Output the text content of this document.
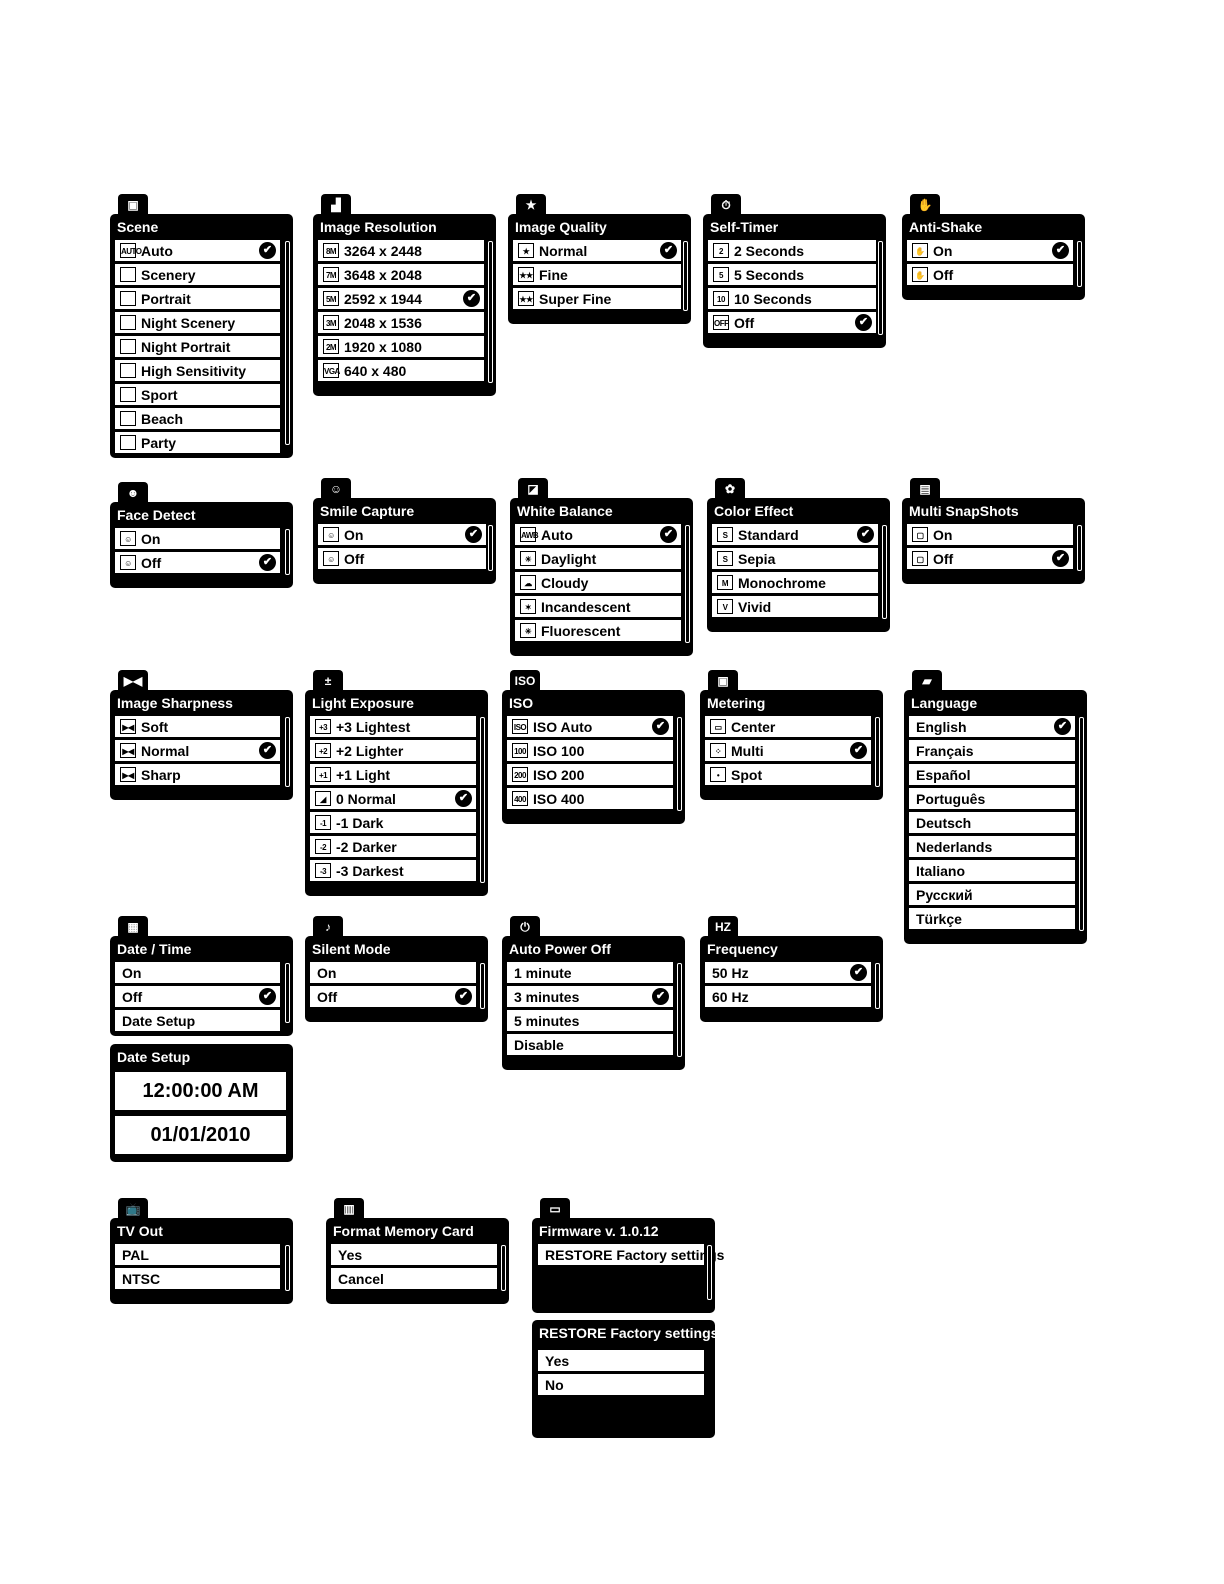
▣
Scene
AUTO Auto	✔
Scenery
Portrait
Night Scenery
Night Portrait
High Sensitivity
Sport
Beach
Party
▟
Image Resolution
8M 3264 x 2448
7M 3648 x 2048
5M 2592 x 1944	✔
3M 2048 x 1536
2M 1920 x 1080
VGA 640 x 480
★
Image Quality
★ Normal	✔
★★ Fine
★★ Super Fine
⏱
Self-Timer
2 2 Seconds
5 5 Seconds
10 10 Seconds
OFF Off	✔
✋
Anti-Shake
✋ On	✔
✋ Off
☻
Face Detect
☺ On
☺ Off	✔
☺
Smile Capture
☺ On	✔
☺ Off
◪
White Balance
AWB Auto	✔
☀ Daylight
☁ Cloudy
✶ Incandescent
✳ Fluorescent
✿
Color Effect
S Standard	✔
S Sepia
M Monochrome
V Vivid
▤
Multi SnapShots
▢ On
▢ Off	✔
▶◀
Image Sharpness
▶◀ Soft
▶◀ Normal	✔
▶◀ Sharp
±
Light Exposure
+3 +3 Lightest
+2 +2 Lighter
+1 +1 Light
◢ 0 Normal	✔
-1 -1 Dark
-2 -2 Darker
-3 -3 Darkest
ISO
ISO
ISO ISO Auto	✔
100 ISO 100
200 ISO 200
400 ISO 400
▣
Metering
▭ Center
⁘ Multi	✔
• Spot
▰
Language
English	✔
Français
Español
Português
Deutsch
Nederlands
Italiano
Русский
Türkçe
▦
Date / Time
On
Off	✔
Date Setup
♪
Silent Mode
On
Off	✔
⏻
Auto Power Off
1 minute
3 minutes	✔
5 minutes
Disable
HZ
Frequency
50 Hz	✔
60 Hz
📺
TV Out
PAL
NTSC
▥
Format Memory Card
Yes
Cancel
▭
Firmware v. 1.0.12
RESTORE Factory settings
RESTORE Factory settings
Yes
No
Date Setup
12:00:00 AM
01/01/2010
